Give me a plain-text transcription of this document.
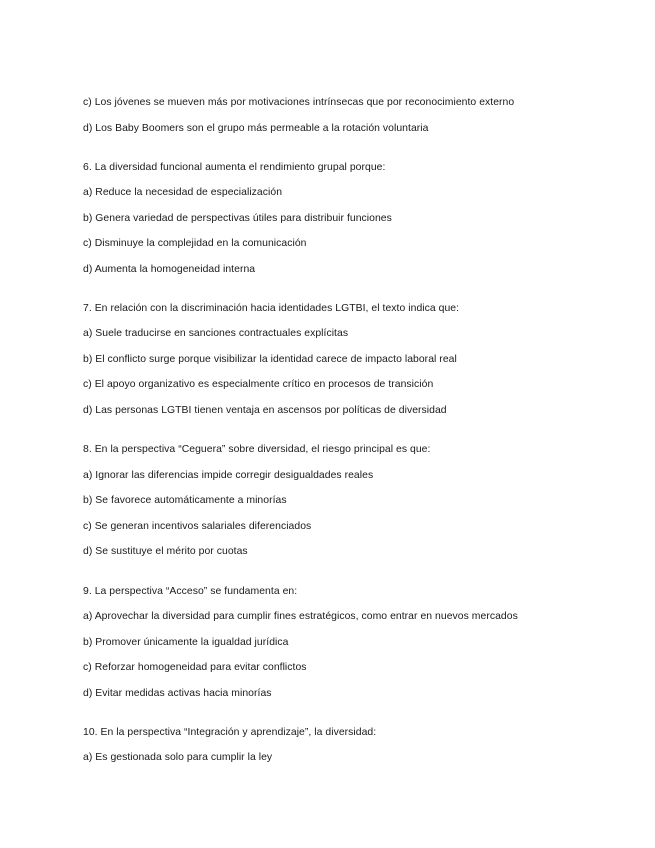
c) Los jóvenes se mueven más por motivaciones intrínsecas que por reconocimiento externo
d) Los Baby Boomers son el grupo más permeable a la rotación voluntaria
6. La diversidad funcional aumenta el rendimiento grupal porque:
a) Reduce la necesidad de especialización
b) Genera variedad de perspectivas útiles para distribuir funciones
c) Disminuye la complejidad en la comunicación
d) Aumenta la homogeneidad interna
7. En relación con la discriminación hacia identidades LGTBI, el texto indica que:
a) Suele traducirse en sanciones contractuales explícitas
b) El conflicto surge porque visibilizar la identidad carece de impacto laboral real
c) El apoyo organizativo es especialmente crítico en procesos de transición
d) Las personas LGTBI tienen ventaja en ascensos por políticas de diversidad
8. En la perspectiva “Ceguera” sobre diversidad, el riesgo principal es que:
a) Ignorar las diferencias impide corregir desigualdades reales
b) Se favorece automáticamente a minorías
c) Se generan incentivos salariales diferenciados
d) Se sustituye el mérito por cuotas
9. La perspectiva “Acceso” se fundamenta en:
a) Aprovechar la diversidad para cumplir fines estratégicos, como entrar en nuevos mercados
b) Promover únicamente la igualdad jurídica
c) Reforzar homogeneidad para evitar conflictos
d) Evitar medidas activas hacia minorías
10. En la perspectiva “Integración y aprendizaje”, la diversidad:
a) Es gestionada solo para cumplir la ley
